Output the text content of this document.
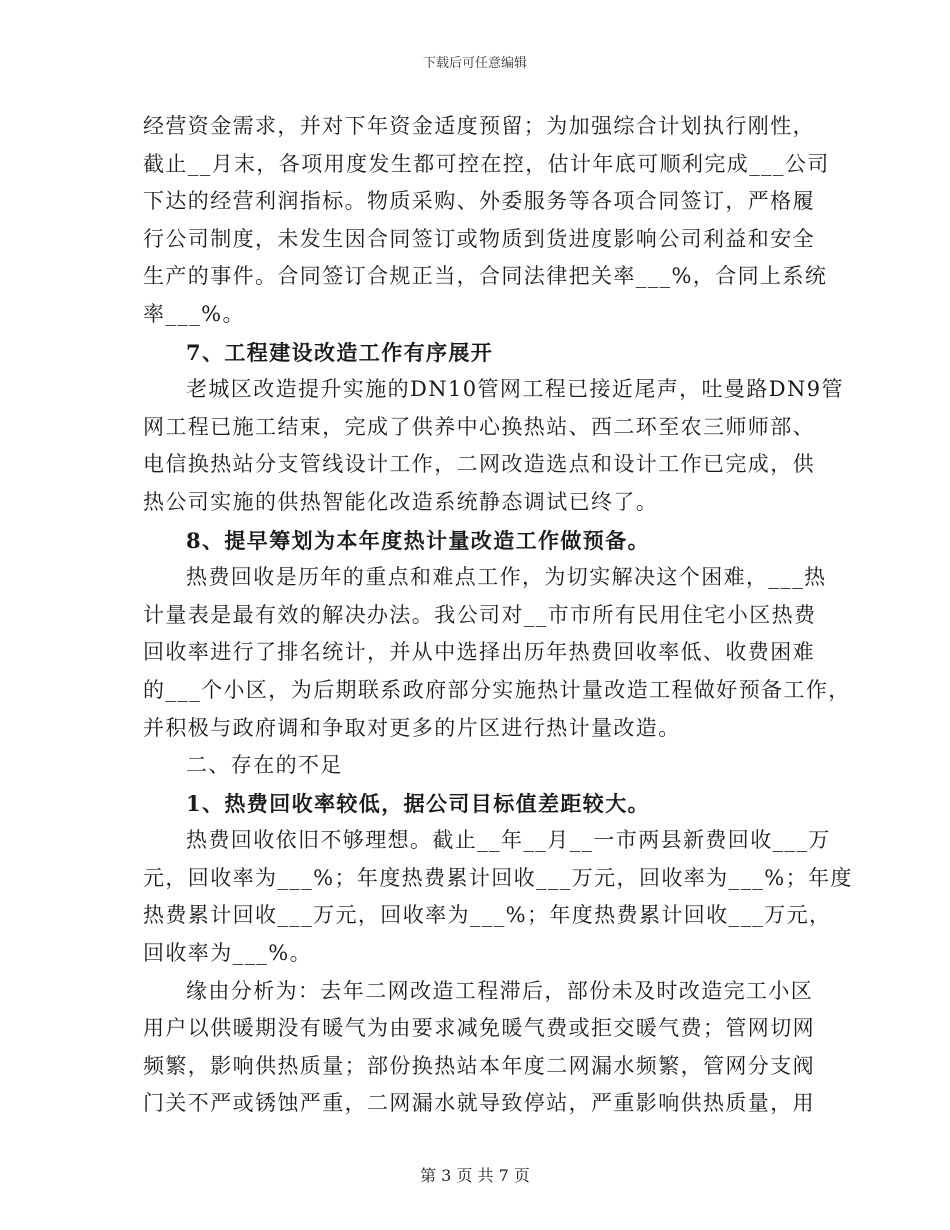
下载后可任意编辑
经营资金需求，并对下年资金适度预留；为加强综合计划执行刚性，
截止__月末，各项用度发生都可控在控，估计年底可顺利完成___公司
下达的经营利润指标。物质采购、外委服务等各项合同签订，严格履
行公司制度，未发生因合同签订或物质到货进度影响公司利益和安全
生产的事件。合同签订合规正当，合同法律把关率___%，合同上系统
率___%。
7、工程建设改造工作有序展开
老城区改造提升实施的DN10管网工程已接近尾声，吐曼路DN9管
网工程已施工结束，完成了供养中心换热站、西二环至农三师师部、
电信换热站分支管线设计工作，二网改造选点和设计工作已完成，供
热公司实施的供热智能化改造系统静态调试已终了。
8、提早筹划为本年度热计量改造工作做预备。
热费回收是历年的重点和难点工作，为切实解决这个困难，___热
计量表是最有效的解决办法。我公司对__市市所有民用住宅小区热费
回收率进行了排名统计，并从中选择出历年热费回收率低、收费困难
的___个小区，为后期联系政府部分实施热计量改造工程做好预备工作，
并积极与政府调和争取对更多的片区进行热计量改造。
二、存在的不足
1、热费回收率较低，据公司目标值差距较大。
热费回收依旧不够理想。截止__年__月__一市两县新费回收___万
元，回收率为___%；年度热费累计回收___万元，回收率为___%；年度
热费累计回收___万元，回收率为___%；年度热费累计回收___万元，
回收率为___%。
缘由分析为：去年二网改造工程滞后，部份未及时改造完工小区
用户以供暖期没有暖气为由要求减免暖气费或拒交暖气费；管网切网
频繁，影响供热质量；部份换热站本年度二网漏水频繁，管网分支阀
门关不严或锈蚀严重，二网漏水就导致停站，严重影响供热质量，用
第 3 页 共 7 页
